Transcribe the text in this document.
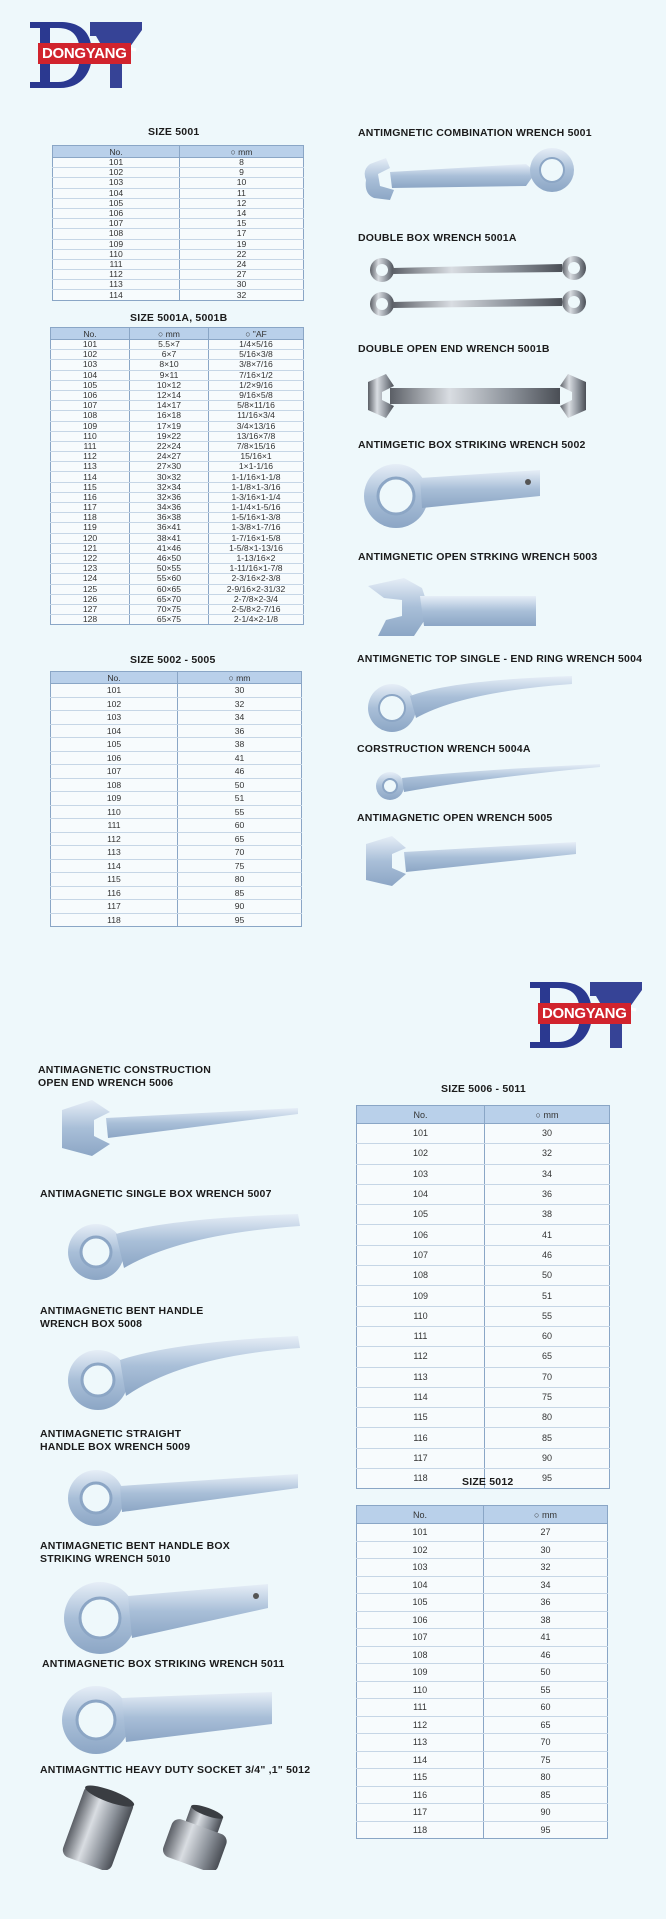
DONGYANG
DONGYANG
SIZE 5001
No.	○ mm
101	8
102	9
103	10
104	11
105	12
106	14
107	15
108	17
109	19
110	22
111	24
112	27
113	30
114	32
SIZE 5001A, 5001B
No.	○ mm	○ "AF
101	5.5×7	1/4×5/16
102	6×7	5/16×3/8
103	8×10	3/8×7/16
104	9×11	7/16×1/2
105	10×12	1/2×9/16
106	12×14	9/16×5/8
107	14×17	5/8×11/16
108	16×18	11/16×3/4
109	17×19	3/4×13/16
110	19×22	13/16×7/8
111	22×24	7/8×15/16
112	24×27	15/16×1
113	27×30	1×1-1/16
114	30×32	1-1/16×1-1/8
115	32×34	1-1/8×1-3/16
116	32×36	1-3/16×1-1/4
117	34×36	1-1/4×1-5/16
118	36×38	1-5/16×1-3/8
119	36×41	1-3/8×1-7/16
120	38×41	1-7/16×1-5/8
121	41×46	1-5/8×1-13/16
122	46×50	1-13/16×2
123	50×55	1-11/16×1-7/8
124	55×60	2-3/16×2-3/8
125	60×65	2-9/16×2-31/32
126	65×70	2-7/8×2-3/4
127	70×75	2-5/8×2-7/16
128	65×75	2-1/4×2-1/8
SIZE 5002 - 5005
No.	○ mm
101	30
102	32
103	34
104	36
105	38
106	41
107	46
108	50
109	51
110	55
111	60
112	65
113	70
114	75
115	80
116	85
117	90
118	95
ANTIMGNETIC COMBINATION WRENCH 5001
DOUBLE BOX WRENCH 5001A
DOUBLE OPEN END WRENCH 5001B
ANTIMGETIC BOX STRIKING WRENCH 5002
ANTIMGNETIC OPEN STRKING WRENCH 5003
ANTIMGNETIC TOP SINGLE - END RING WRENCH 5004
CORSTRUCTION WRENCH 5004A
ANTIMAGNETIC OPEN WRENCH 5005
ANTIMAGNETIC CONSTRUCTION
OPEN END WRENCH 5006
ANTIMAGNETIC SINGLE BOX WRENCH 5007
ANTIMAGNETIC BENT HANDLE
WRENCH BOX 5008
ANTIMAGNETIC STRAIGHT
HANDLE BOX WRENCH 5009
ANTIMAGNETIC BENT HANDLE BOX
STRIKING WRENCH 5010
ANTIMAGNETIC BOX STRIKING WRENCH 5011
ANTIMAGNTTIC HEAVY DUTY SOCKET 3/4" ,1" 5012
SIZE 5006 - 5011
No.	○ mm
101	30
102	32
103	34
104	36
105	38
106	41
107	46
108	50
109	51
110	55
111	60
112	65
113	70
114	75
115	80
116	85
117	90
118	95
SIZE 5012
No.	○ mm
101	27
102	30
103	32
104	34
105	36
106	38
107	41
108	46
109	50
110	55
111	60
112	65
113	70
114	75
115	80
116	85
117	90
118	95
